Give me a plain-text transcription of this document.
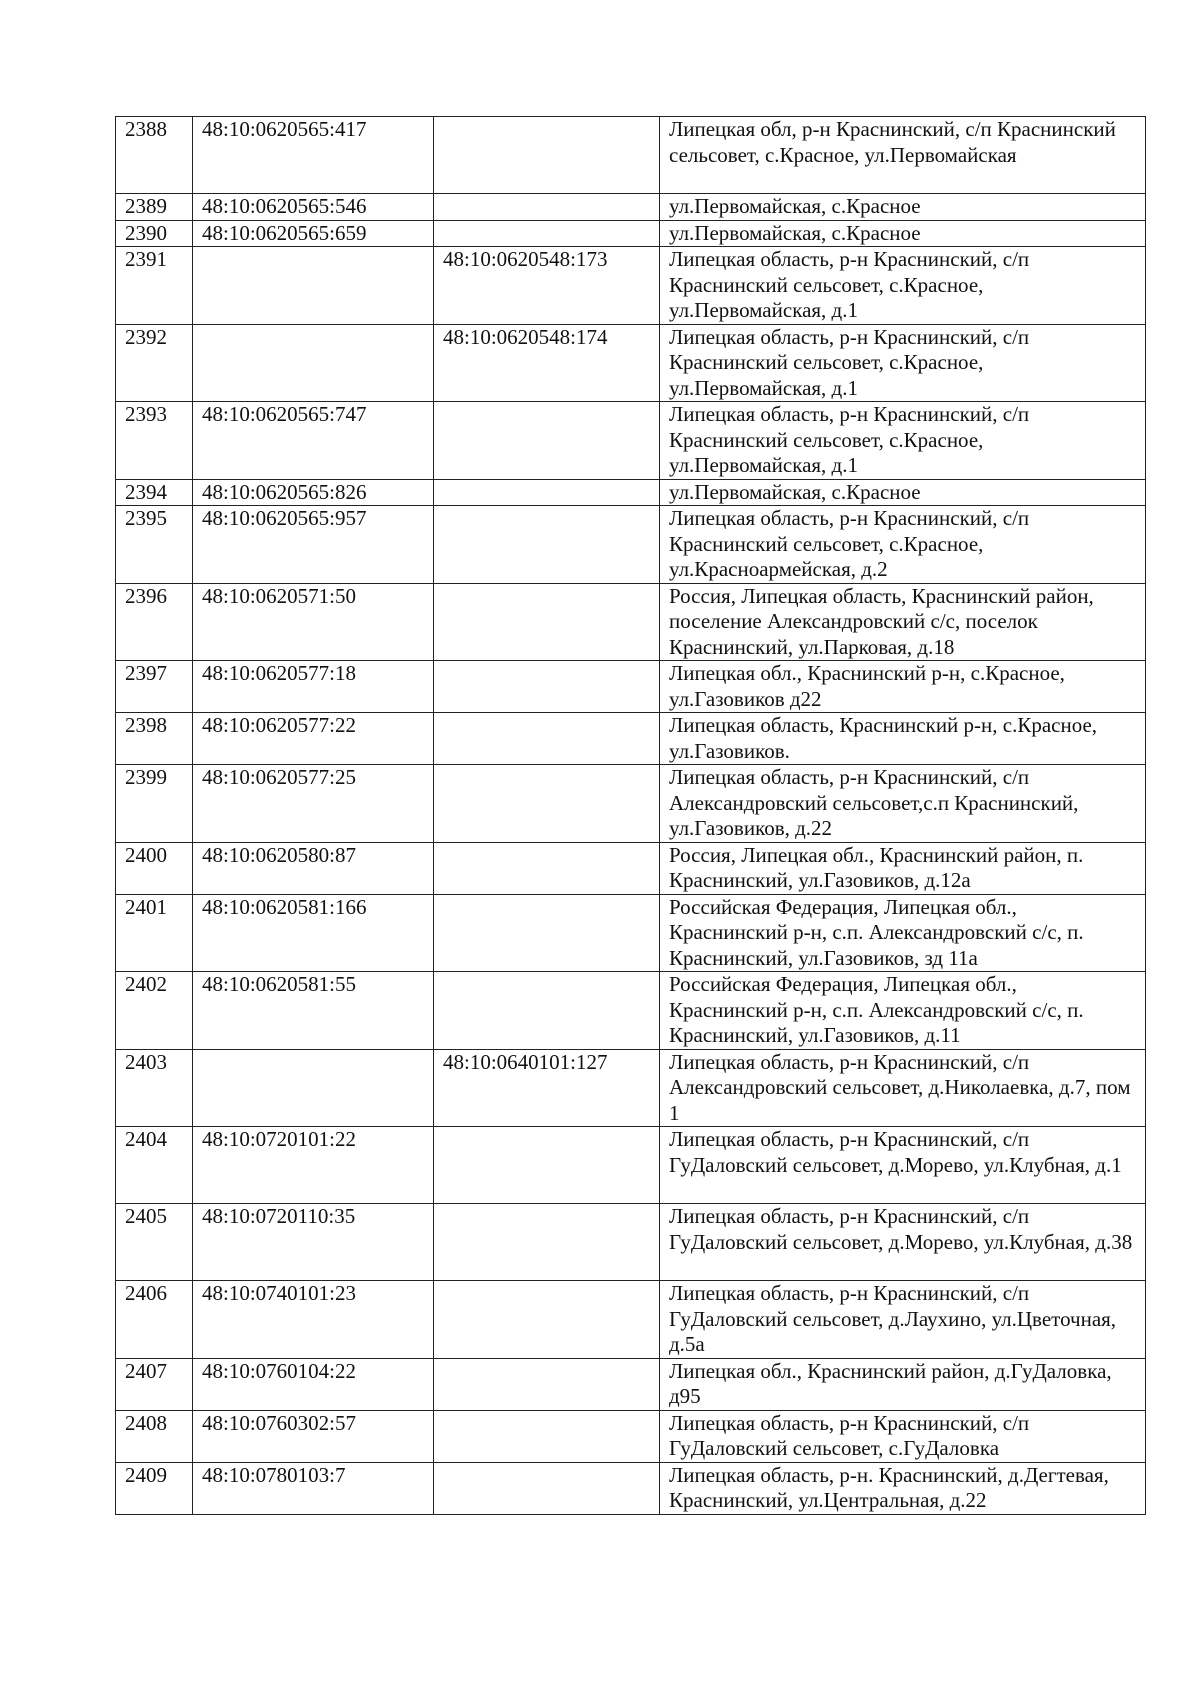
2388	48:10:0620565:417		Липецкая обл, р-н Краснинский, с/п Краснинский сельсовет, с.Красное, ул.Первомайская
2389	48:10:0620565:546		ул.Первомайская, с.Красное
2390	48:10:0620565:659		ул.Первомайская, с.Красное
2391		48:10:0620548:173	Липецкая область, р-н Краснинский, с/п Краснинский сельсовет, с.Красное, ул.Первомайская, д.1
2392		48:10:0620548:174	Липецкая область, р-н Краснинский, с/п Краснинский сельсовет, с.Красное, ул.Первомайская, д.1
2393	48:10:0620565:747		Липецкая область, р-н Краснинский, с/п Краснинский сельсовет, с.Красное, ул.Первомайская, д.1
2394	48:10:0620565:826		ул.Первомайская, с.Красное
2395	48:10:0620565:957		Липецкая область, р-н Краснинский, с/п Краснинский сельсовет, с.Красное, ул.Красноармейская, д.2
2396	48:10:0620571:50		Россия, Липецкая область, Краснинский район, поселение Александровский с/с, поселок Краснинский, ул.Парковая, д.18
2397	48:10:0620577:18		Липецкая обл., Краснинский р-н, с.Красное, ул.Газовиков д22
2398	48:10:0620577:22		Липецкая область, Краснинский р-н, с.Красное, ул.Газовиков.
2399	48:10:0620577:25		Липецкая область, р-н Краснинский, с/п Александровский сельсовет,с.п Краснинский, ул.Газовиков, д.22
2400	48:10:0620580:87		Россия, Липецкая обл., Краснинский район, п. Краснинский, ул.Газовиков, д.12а
2401	48:10:0620581:166		Российская Федерация, Липецкая обл., Краснинский р-н, с.п. Александровский с/с, п. Краснинский, ул.Газовиков, зд 11а
2402	48:10:0620581:55		Российская Федерация, Липецкая обл., Краснинский р-н, с.п. Александровский с/с, п. Краснинский, ул.Газовиков, д.11
2403		48:10:0640101:127	Липецкая область, р-н Краснинский, с/п Александровский сельсовет, д.Николаевка, д.7, пом 1
2404	48:10:0720101:22		Липецкая область, р-н Краснинский, с/п ГуДаловский сельсовет, д.Морево, ул.Клубная, д.1
2405	48:10:0720110:35		Липецкая область, р-н Краснинский, с/п ГуДаловский сельсовет, д.Морево, ул.Клубная, д.38
2406	48:10:0740101:23		Липецкая область, р-н Краснинский, с/п ГуДаловский сельсовет, д.Лаухино, ул.Цветочная, д.5а
2407	48:10:0760104:22		Липецкая обл., Краснинский район, д.ГуДаловка, д95
2408	48:10:0760302:57		Липецкая область, р-н Краснинский, с/п ГуДаловский сельсовет, с.ГуДаловка
2409	48:10:0780103:7		Липецкая область, р-н. Краснинский, д.Дегтевая, Краснинский, ул.Центральная, д.22
